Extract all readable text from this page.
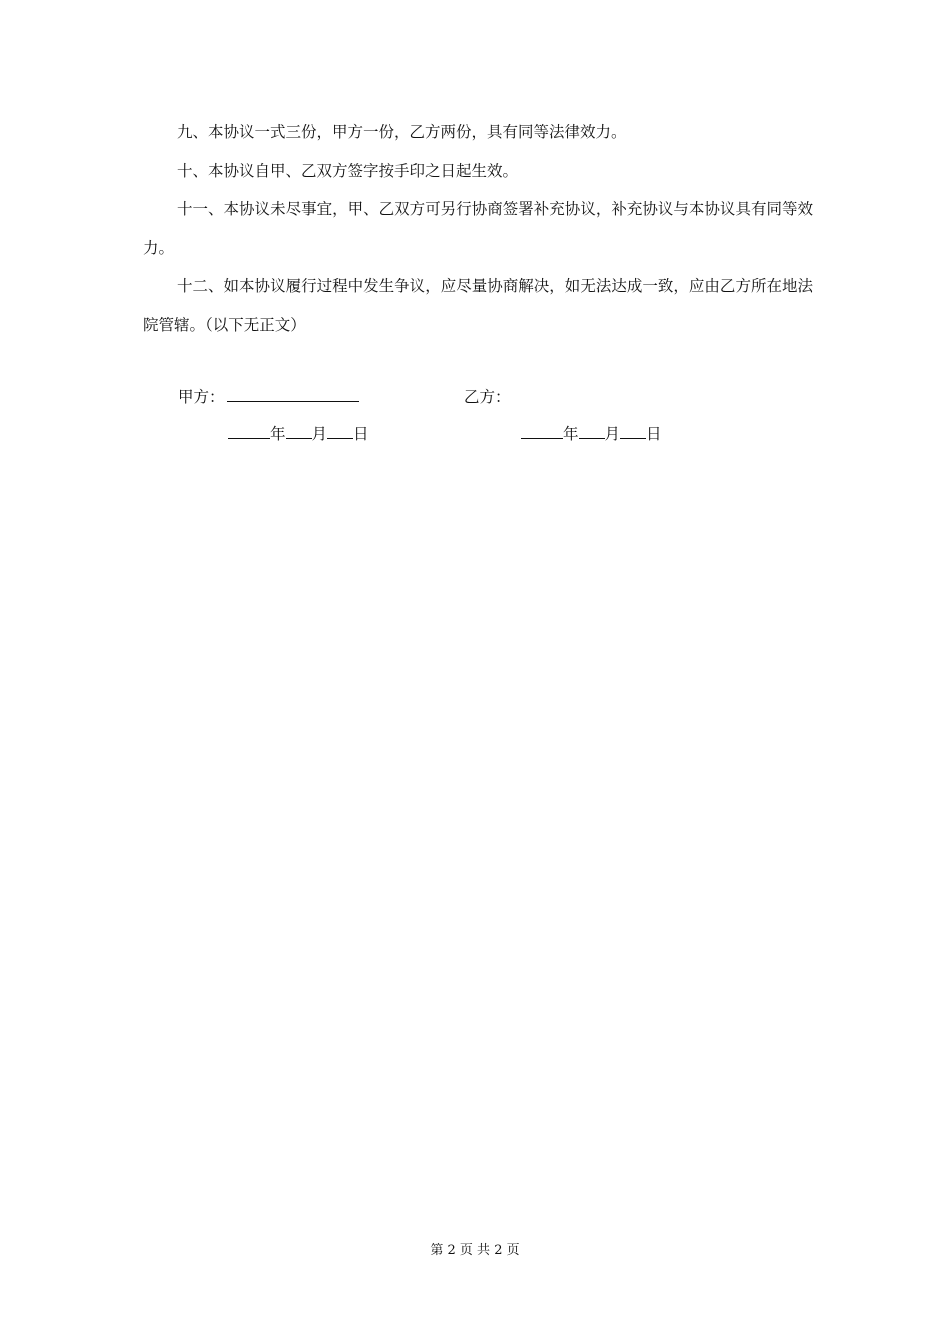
九、本协议一式三份，甲方一份，乙方两份，具有同等法律效力。

十、本协议自甲、乙双方签字按手印之日起生效。

十一、本协议未尽事宜，甲、乙双方可另行协商签署补充协议，补充协议与本协议具有同等效力。

十二、如本协议履行过程中发生争议，应尽量协商解决，如无法达成一致，应由乙方所在地法院管辖。（以下无正文）

甲方：	乙方：
年 月 日	年 月 日
第 2 页 共 2 页
